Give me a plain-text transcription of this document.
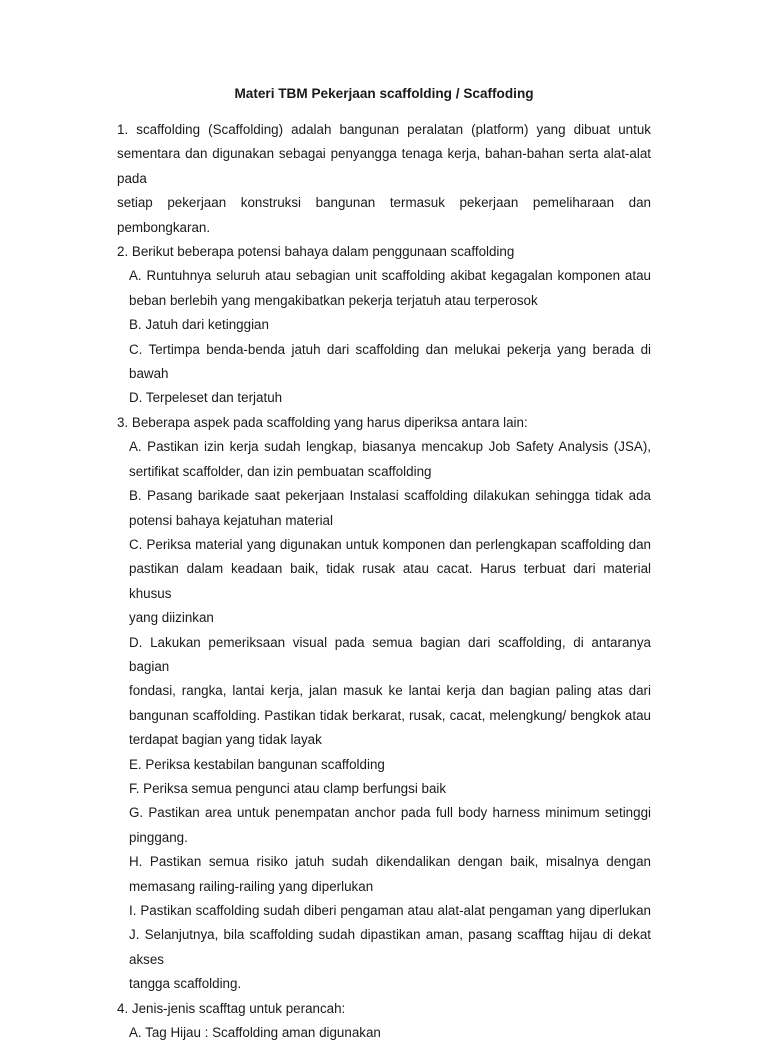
Materi TBM Pekerjaan scaffolding / Scaffoding
1. scaffolding (Scaffolding) adalah bangunan peralatan (platform) yang dibuat untuk
sementara dan digunakan sebagai penyangga tenaga kerja, bahan-bahan serta alat-alat pada
setiap pekerjaan konstruksi bangunan termasuk pekerjaan pemeliharaan dan
pembongkaran.
2. Berikut beberapa potensi bahaya dalam penggunaan scaffolding
A. Runtuhnya seluruh atau sebagian unit scaffolding akibat kegagalan komponen atau
beban berlebih yang mengakibatkan pekerja terjatuh atau terperosok
B. Jatuh dari ketinggian
C. Tertimpa benda-benda jatuh dari scaffolding dan melukai pekerja yang berada di bawah
D. Terpeleset dan terjatuh
3. Beberapa aspek pada scaffolding yang harus diperiksa antara lain:
A. Pastikan izin kerja sudah lengkap, biasanya mencakup Job Safety Analysis (JSA),
sertifikat scaffolder, dan izin pembuatan scaffolding
B. Pasang barikade saat pekerjaan Instalasi scaffolding dilakukan sehingga tidak ada
potensi bahaya kejatuhan material
C. Periksa material yang digunakan untuk komponen dan perlengkapan scaffolding dan
pastikan dalam keadaan baik, tidak rusak atau cacat. Harus terbuat dari material khusus
yang diizinkan
D. Lakukan pemeriksaan visual pada semua bagian dari scaffolding, di antaranya bagian
fondasi, rangka, lantai kerja, jalan masuk ke lantai kerja dan bagian paling atas dari
bangunan scaffolding. Pastikan tidak berkarat, rusak, cacat, melengkung/ bengkok atau
terdapat bagian yang tidak layak
E. Periksa kestabilan bangunan scaffolding
F. Periksa semua pengunci atau clamp berfungsi baik
G. Pastikan area untuk penempatan anchor pada full body harness minimum setinggi
pinggang.
H. Pastikan semua risiko jatuh sudah dikendalikan dengan baik, misalnya dengan
memasang railing-railing yang diperlukan
I. Pastikan scaffolding sudah diberi pengaman atau alat-alat pengaman yang diperlukan
J. Selanjutnya, bila scaffolding sudah dipastikan aman, pasang scafftag hijau di dekat akses
tangga scaffolding.
4. Jenis-jenis scafftag untuk perancah:
A. Tag Hijau : Scaffolding aman digunakan
